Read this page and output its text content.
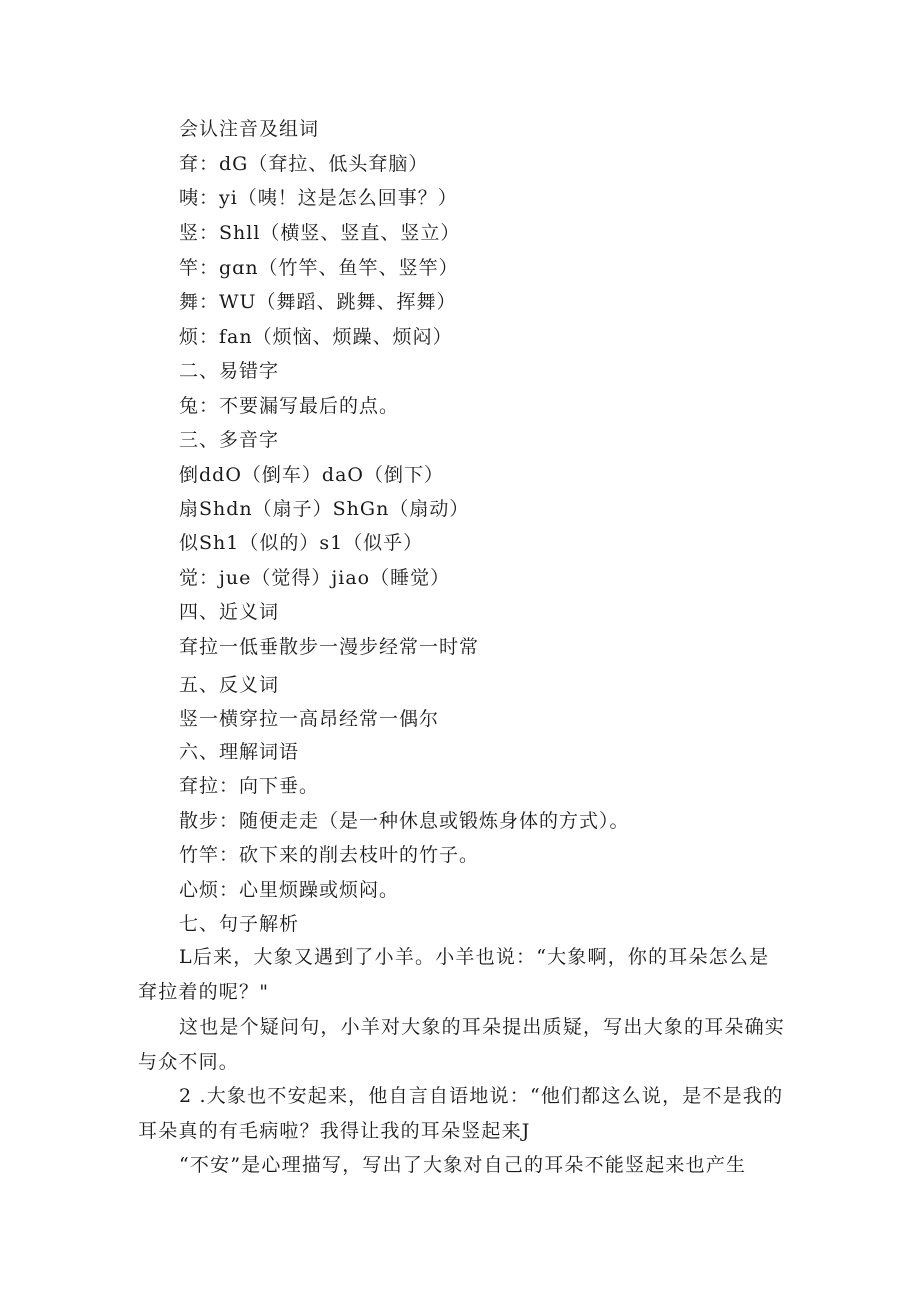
会认注音及组词
耷：dG（耷拉、低头耷脑）
咦：yi（咦！这是怎么回事？）
竖：Shll（横竖、竖直、竖立）
竿：gɑn（竹竿、鱼竿、竖竿）
舞：WU（舞蹈、跳舞、挥舞）
烦：fan（烦恼、烦躁、烦闷）
二、易错字
兔：不要漏写最后的点。
三、多音字
倒ddO（倒车）daO（倒下）
扇Shdn（扇子）ShGn（扇动）
似Sh1（似的）s1（似乎）
觉：jue（觉得）jiao（睡觉）
四、近义词
耷拉一低垂散步一漫步经常一时常
五、反义词
竖一横穿拉一高昂经常一偶尔
六、理解词语
耷拉：向下垂。
散步：随便走走（是一种休息或锻炼身体的方式）。
竹竿：砍下来的削去枝叶的竹子。
心烦：心里烦躁或烦闷。
七、句子解析
L后来，大象又遇到了小羊。小羊也说：“大象啊，你的耳朵怎么是耷拉着的呢？"
这也是个疑问句，小羊对大象的耳朵提出质疑，写出大象的耳朵确实与众不同。
2 .大象也不安起来，他自言自语地说：“他们都这么说，是不是我的耳朵真的有毛病啦？我得让我的耳朵竖起来J
“不安”是心理描写，写出了大象对自己的耳朵不能竖起来也产生
